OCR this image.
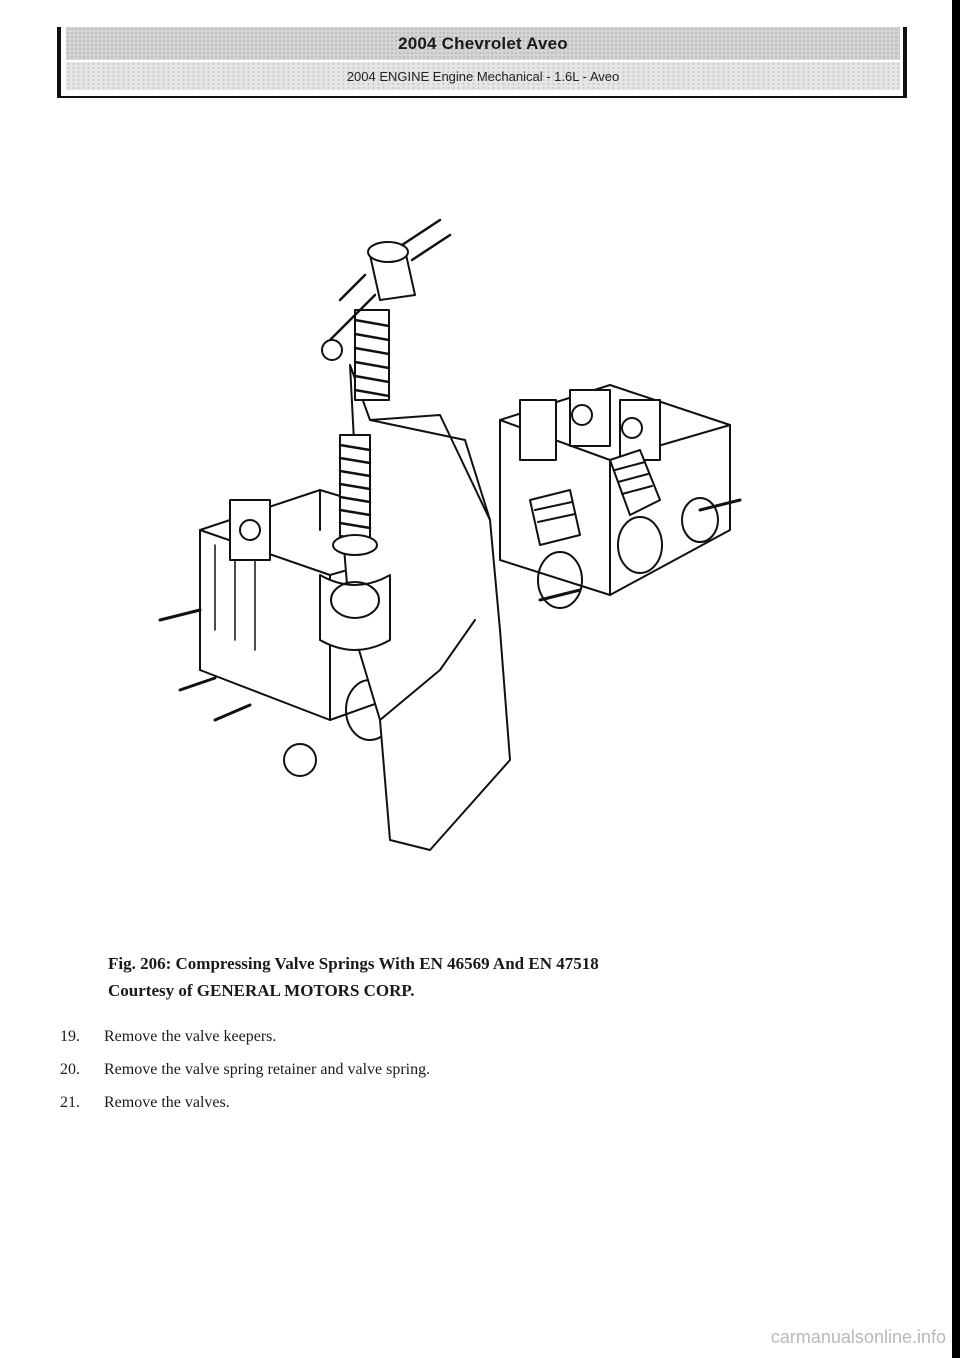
2004 Chevrolet Aveo
2004 ENGINE Engine Mechanical - 1.6L - Aveo
Fig. 206: Compressing Valve Springs With EN 46569 And EN 47518
Courtesy of GENERAL MOTORS CORP.
19.	Remove the valve keepers.
20.	Remove the valve spring retainer and valve spring.
21.	Remove the valves.
carmanualsonline.info
